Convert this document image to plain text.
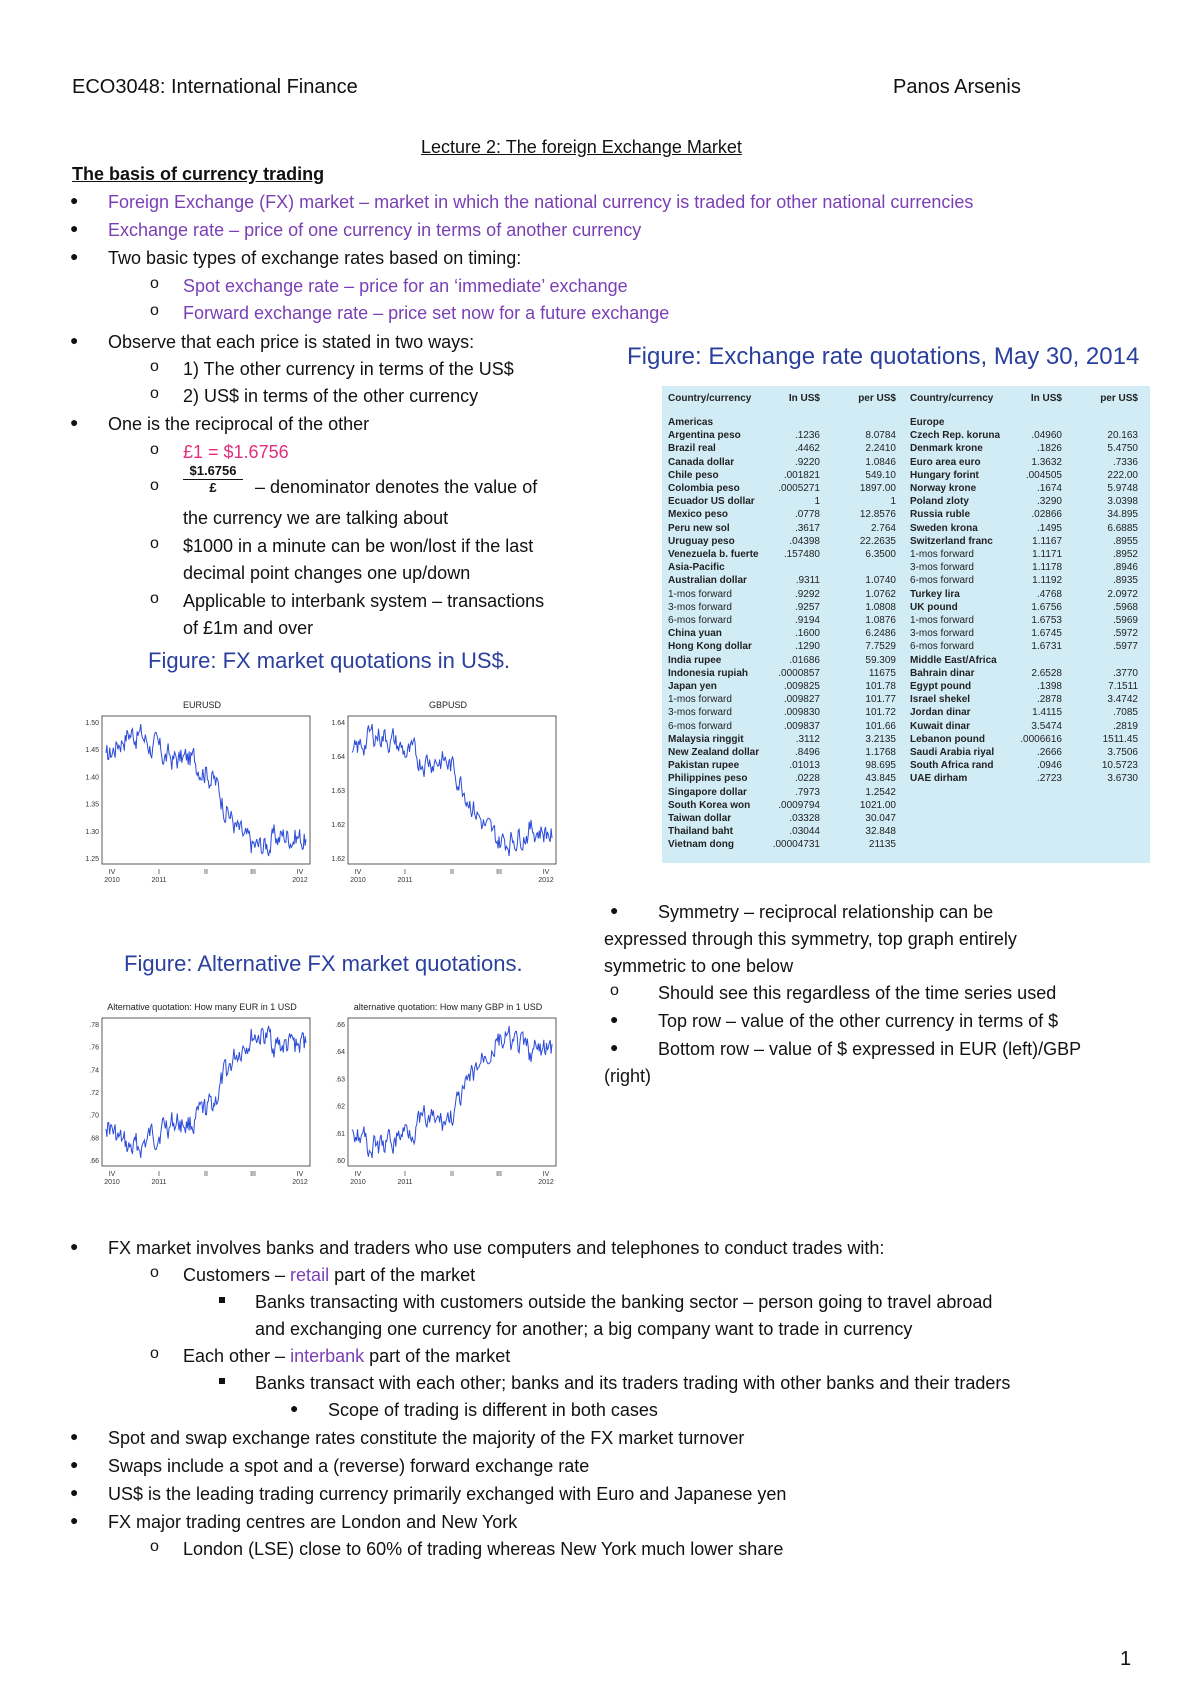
ECO3048: International Finance	Panos Arsenis
Lecture 2: The foreign Exchange Market
The basis of currency trading
● Foreign Exchange (FX) market – market in which the national currency is traded for other national currencies
● Exchange rate – price of one currency in terms of another currency
● Two basic types of exchange rates based on timing:
o Spot exchange rate – price for an ‘immediate’ exchange
o Forward exchange rate – price set now for a future exchange
● Observe that each price is stated in two ways:
o 1) The other currency in terms of the US$
o 2) US$ in terms of the other currency
● One is the reciprocal of the other
o £1 = $1.6756
o
$1.6756
£	– denominator denotes the value of
the currency we are talking about
o $1000 in a minute can be won/lost if the last
decimal point changes one up/down
o Applicable to interbank system – transactions
of £1m and over
Figure: FX market quotations in US$.
EURUSD
1.50
1.45
1.40
1.35
1.30
1.25
IV
2010
I
2011
II	III	IV
2012
GBPUSD
1.64
1.64
1.63
1.62
1.62
IV
2010
I
2011
II	III	IV
2012
Figure: Alternative FX market quotations.
Alternative quotation: How many EUR in 1 USD
.78
.76
.74
.72
.70
.68
.66
IV
2010
I
2011
II	III	IV
2012
alternative quotation: How many GBP in 1 USD
.66
.64
.63
.62
.61
.60
IV
2010
I
2011
II	III	IV
2012
Figure: Exchange rate quotations, May 30, 2014
Country/currency	In US$	per US$
Americas
Argentina peso	.1236	8.0784
Brazil real	.4462	2.2410
Canada dollar	.9220	1.0846
Chile peso	.001821	549.10
Colombia peso	.0005271	1897.00
Ecuador US dollar	1	1
Mexico peso	.0778	12.8576
Peru new sol	.3617	2.764
Uruguay peso	.04398	22.2635
Venezuela b. fuerte	.157480	6.3500
Asia-Pacific
Australian dollar	.9311	1.0740
1-mos forward	.9292	1.0762
3-mos forward	.9257	1.0808
6-mos forward	.9194	1.0876
China yuan	.1600	6.2486
Hong Kong dollar	.1290	7.7529
India rupee	.01686	59.309
Indonesia rupiah	.0000857	11675
Japan yen	.009825	101.78
1-mos forward	.009827	101.77
3-mos forward	.009830	101.72
6-mos forward	.009837	101.66
Malaysia ringgit	.3112	3.2135
New Zealand dollar	.8496	1.1768
Pakistan rupee	.01013	98.695
Philippines peso	.0228	43.845
Singapore dollar	.7973	1.2542
South Korea won	.0009794	1021.00
Taiwan dollar	.03328	30.047
Thailand baht	.03044	32.848
Vietnam dong	.00004731	21135
Country/currency	In US$	per US$
Europe
Czech Rep. koruna	.04960	20.163
Denmark krone	.1826	5.4750
Euro area euro	1.3632	.7336
Hungary forint	.004505	222.00
Norway krone	.1674	5.9748
Poland zloty	.3290	3.0398
Russia ruble	.02866	34.895
Sweden krona	.1495	6.6885
Switzerland franc	1.1167	.8955
1-mos forward	1.1171	.8952
3-mos forward	1.1178	.8946
6-mos forward	1.1192	.8935
Turkey lira	.4768	2.0972
UK pound	1.6756	.5968
1-mos forward	1.6753	.5969
3-mos forward	1.6745	.5972
6-mos forward	1.6731	.5977
Middle East/Africa
Bahrain dinar	2.6528	.3770
Egypt pound	.1398	7.1511
Israel shekel	.2878	3.4742
Jordan dinar	1.4115	.7085
Kuwait dinar	3.5474	.2819
Lebanon pound	.0006616	1511.45
Saudi Arabia riyal	.2666	3.7506
South Africa rand	.0946	10.5723
UAE dirham	.2723	3.6730
● Symmetry – reciprocal relationship can be
expressed through this symmetry, top graph entirely
symmetric to one below
o Should see this regardless of the time series used
● Top row – value of the other currency in terms of $
● Bottom row – value of $ expressed in EUR (left)/GBP
(right)
● FX market involves banks and traders who use computers and telephones to conduct trades with:
o Customers – retail part of the market
Banks transacting with customers outside the banking sector – person going to travel abroad
and exchanging one currency for another; a big company want to trade in currency
o Each other – interbank part of the market
Banks transact with each other; banks and its traders trading with other banks and their traders
● Scope of trading is different in both cases
● Spot and swap exchange rates constitute the majority of the FX market turnover
● Swaps include a spot and a (reverse) forward exchange rate
● US$ is the leading trading currency primarily exchanged with Euro and Japanese yen
● FX major trading centres are London and New York
o London (LSE) close to 60% of trading whereas New York much lower share
1
